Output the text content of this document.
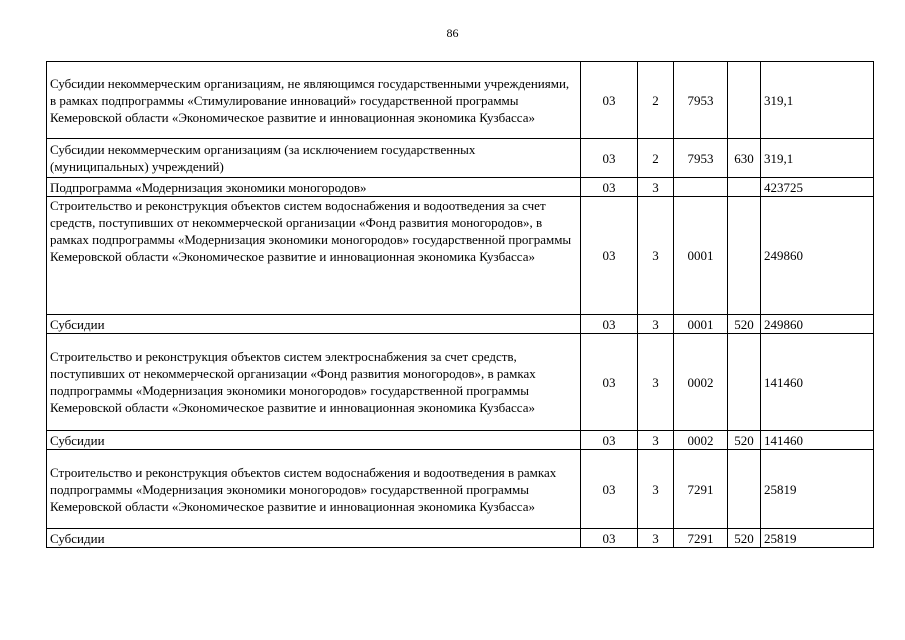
86
Субсидии некоммерческим организациям, не являющимся государственными учреждениями, в рамках подпрограммы «Стимулирование инноваций» государственной программы Кемеровской области «Экономическое развитие и инновационная экономика Кузбасса»	03	2	7953		319,1
Субсидии некоммерческим организациям (за исключением государственных (муниципальных) учреждений)	03	2	7953	630	319,1
Подпрограмма «Модернизация экономики моногородов»	03	3			423725
Строительство и реконструкция объектов систем водоснабжения и водоотведения за счет средств, поступивших от некоммерческой организации «Фонд развития моногородов», в рамках подпрограммы «Модернизация экономики моногородов» государственной программы Кемеровской области «Экономическое развитие и инновационная экономика Кузбасса»	03	3	0001		249860
Субсидии	03	3	0001	520	249860
Строительство и реконструкция объектов систем электроснабжения за счет средств, поступивших от некоммерческой организации «Фонд развития моногородов», в рамках подпрограммы «Модернизация экономики моногородов» государственной программы Кемеровской области «Экономическое развитие и инновационная экономика Кузбасса»	03	3	0002		141460
Субсидии	03	3	0002	520	141460
Строительство и реконструкция объектов систем водоснабжения и водоотведения в рамках подпрограммы «Модернизация экономики моногородов» государственной программы Кемеровской области «Экономическое развитие и инновационная экономика Кузбасса»	03	3	7291		25819
Субсидии	03	3	7291	520	25819
